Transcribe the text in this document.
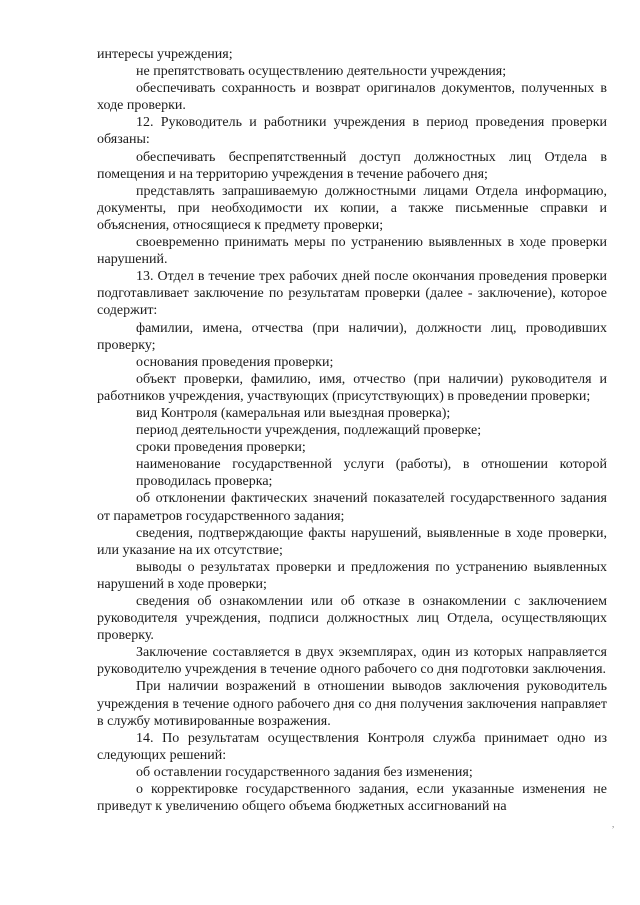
интересы учреждения;

не препятствовать осуществлению деятельности учреждения;

обеспечивать сохранность и возврат оригиналов документов, полученных в ходе проверки.

12. Руководитель и работники учреждения в период проведения проверки обязаны:

обеспечивать беспрепятственный доступ должностных лиц Отдела в помещения и на территорию учреждения в течение рабочего дня;

представлять запрашиваемую должностными лицами Отдела информацию, документы, при необходимости их копии, а также письменные справки и объяснения, относящиеся к предмету проверки;

своевременно принимать меры по устранению выявленных в ходе проверки нарушений.

13. Отдел в течение трех рабочих дней после окончания проведения проверки подготавливает заключение по результатам проверки (далее - заключение), которое содержит:

фамилии, имена, отчества (при наличии), должности лиц, проводивших проверку;

основания проведения проверки;

объект проверки, фамилию, имя, отчество (при наличии) руководителя и работников учреждения, участвующих (присутствующих) в проведении проверки;

вид Контроля (камеральная или выездная проверка);

период деятельности учреждения, подлежащий проверке;

сроки проведения проверки;

наименование государственной услуги (работы), в отношении которой проводилась проверка;

об отклонении фактических значений показателей государственного задания от параметров государственного задания;

сведения, подтверждающие факты нарушений, выявленные в ходе проверки, или указание на их отсутствие;

выводы о результатах проверки и предложения по устранению выявленных нарушений в ходе проверки;

сведения об ознакомлении или об отказе в ознакомлении с заключением руководителя учреждения, подписи должностных лиц Отдела, осуществляющих проверку.

Заключение составляется в двух экземплярах, один из которых направляется руководителю учреждения в течение одного рабочего со дня подготовки заключения.

При наличии возражений в отношении выводов заключения руководитель учреждения в течение одного рабочего дня со дня получения заключения направляет в службу мотивированные возражения.

14. По результатам осуществления Контроля служба принимает одно из следующих решений:

об оставлении государственного задания без изменения;

о корректировке государственного задания, если указанные изменения не приведут к увеличению общего объема бюджетных ассигнований на

,
